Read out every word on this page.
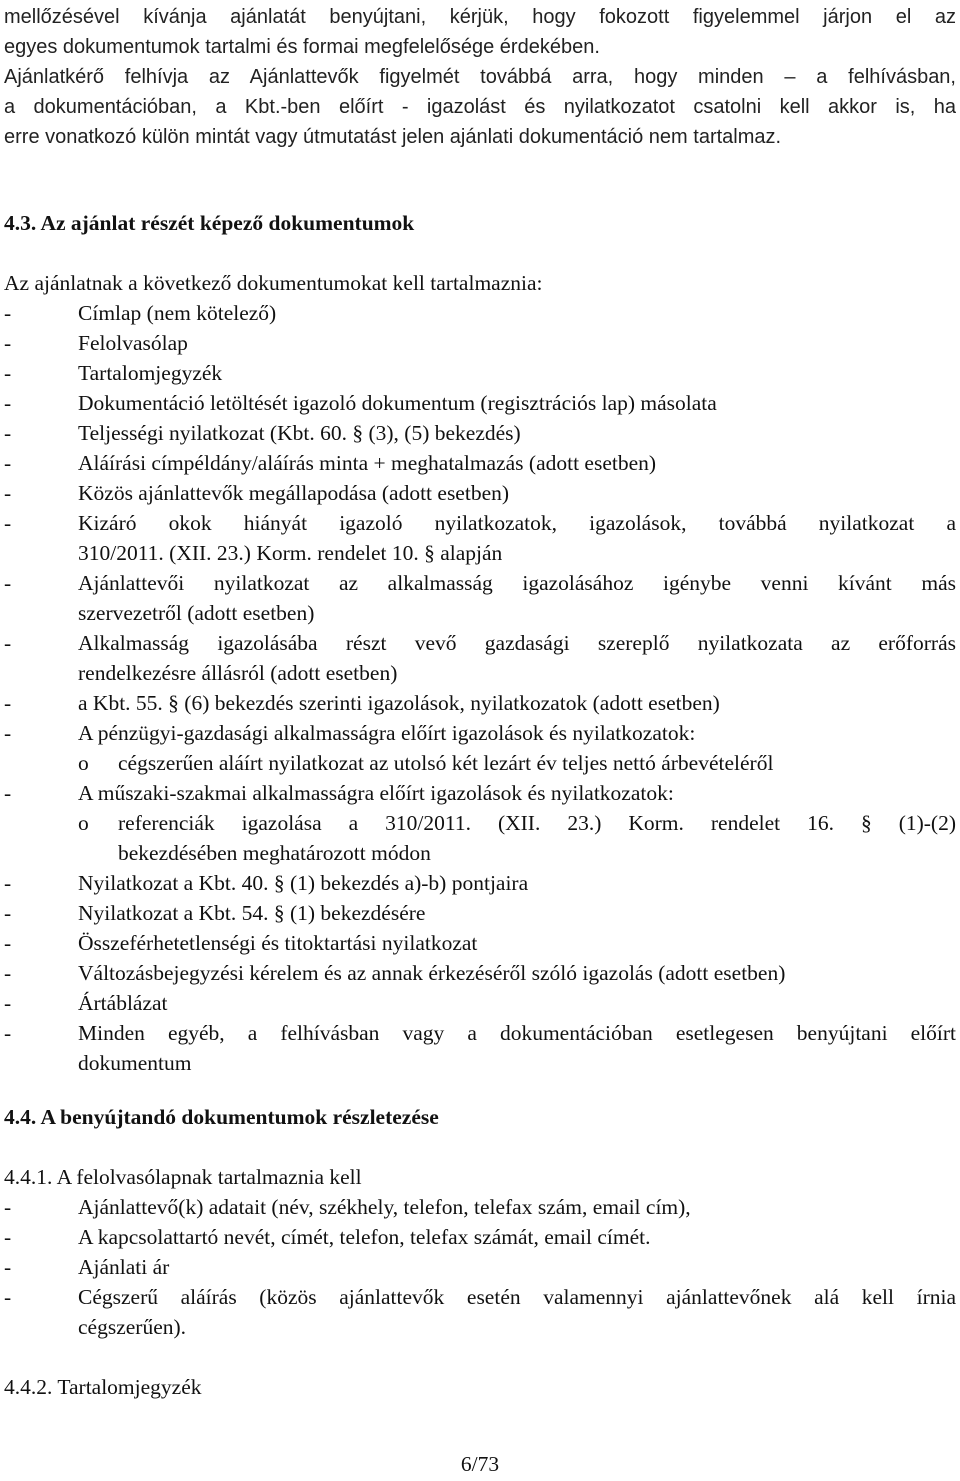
mellőzésével kívánja ajánlatát benyújtani, kérjük, hogy fokozott figyelemmel járjon el az
egyes dokumentumok tartalmi és formai megfelelősége érdekében.
Ajánlatkérő felhívja az Ajánlattevők figyelmét továbbá arra, hogy minden – a felhívásban,
a dokumentációban, a Kbt.-ben előírt - igazolást és nyilatkozatot csatolni kell akkor is, ha
erre vonatkozó külön mintát vagy útmutatást jelen ajánlati dokumentáció nem tartalmaz.
4.3. Az ajánlat részét képező dokumentumok
Az ajánlatnak a következő dokumentumokat kell tartalmaznia:
-	Címlap (nem kötelező)
-	Felolvasólap
-	Tartalomjegyzék
-	Dokumentáció letöltését igazoló dokumentum (regisztrációs lap) másolata
-	Teljességi nyilatkozat (Kbt. 60. § (3), (5) bekezdés)
-	Aláírási címpéldány/aláírás minta + meghatalmazás (adott esetben)
-	Közös ajánlattevők megállapodása (adott esetben)
-	Kizáró okok hiányát igazoló nyilatkozatok, igazolások, továbbá nyilatkozat a
310/2011. (XII. 23.) Korm. rendelet 10. § alapján
-	Ajánlattevői nyilatkozat az alkalmasság igazolásához igénybe venni kívánt más
szervezetről (adott esetben)
-	Alkalmasság igazolásába részt vevő gazdasági szereplő nyilatkozata az erőforrás
rendelkezésre állásról (adott esetben)
-	a Kbt. 55. § (6) bekezdés szerinti igazolások, nyilatkozatok (adott esetben)
-	A pénzügyi-gazdasági alkalmasságra előírt igazolások és nyilatkozatok:
o	cégszerűen aláírt nyilatkozat az utolsó két lezárt év teljes nettó árbevételéről
-	A műszaki-szakmai alkalmasságra előírt igazolások és nyilatkozatok:
o	referenciák igazolása a 310/2011. (XII. 23.) Korm. rendelet 16. § (1)-(2)
bekezdésében meghatározott módon
-	Nyilatkozat a Kbt. 40. § (1) bekezdés a)-b) pontjaira
-	Nyilatkozat a Kbt. 54. § (1) bekezdésére
-	Összeférhetetlenségi és titoktartási nyilatkozat
-	Változásbejegyzési kérelem és az annak érkezéséről szóló igazolás (adott esetben)
-	Ártáblázat
-	Minden egyéb, a felhívásban vagy a dokumentációban esetlegesen benyújtani előírt
dokumentum
4.4. A benyújtandó dokumentumok részletezése
4.4.1. A felolvasólapnak tartalmaznia kell
-	Ajánlattevő(k) adatait (név, székhely, telefon, telefax szám, email cím),
-	A kapcsolattartó nevét, címét, telefon, telefax számát, email címét.
-	Ajánlati ár
-	Cégszerű aláírás (közös ajánlattevők esetén valamennyi ajánlattevőnek alá kell írnia
cégszerűen).
4.4.2. Tartalomjegyzék
6/73
